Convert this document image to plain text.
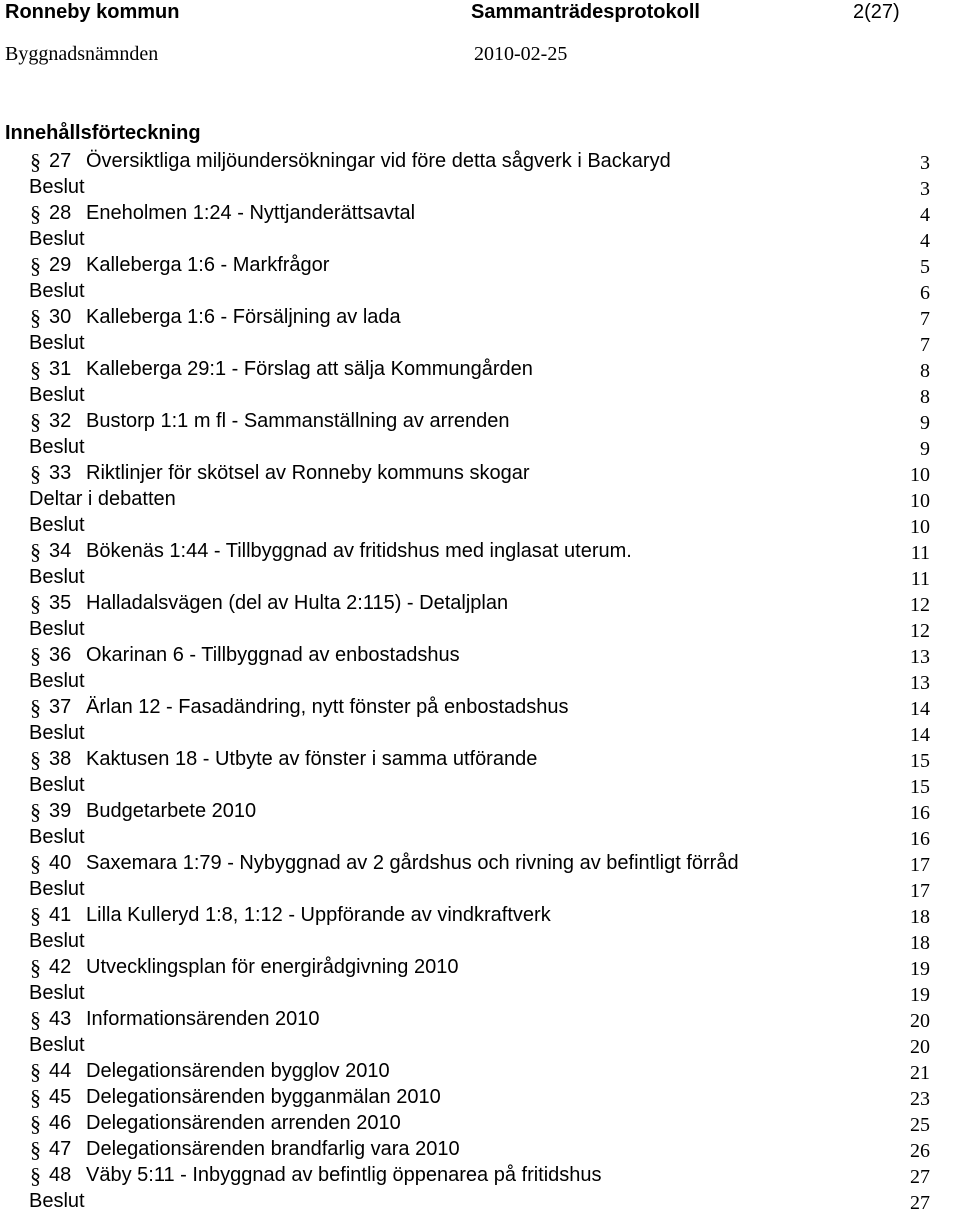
Ronneby kommun	Sammanträdesprotokoll	2(27)
Byggnadsnämnden	2010-02-25
Innehållsförteckning
§ 27 Översiktliga miljöundersökningar vid före detta sågverk i Backaryd	3
Beslut	3
§ 28 Eneholmen 1:24 - Nyttjanderättsavtal	4
Beslut	4
§ 29 Kalleberga 1:6 - Markfrågor	5
Beslut	6
§ 30 Kalleberga 1:6 - Försäljning av lada	7
Beslut	7
§ 31 Kalleberga 29:1 - Förslag att sälja Kommungården	8
Beslut	8
§ 32 Bustorp 1:1 m fl - Sammanställning av arrenden	9
Beslut	9
§ 33 Riktlinjer för skötsel av Ronneby kommuns skogar	10
Deltar i debatten	10
Beslut	10
§ 34 Bökenäs 1:44 - Tillbyggnad av fritidshus med inglasat uterum.	11
Beslut	11
§ 35 Halladalsvägen (del av Hulta 2:115) - Detaljplan	12
Beslut	12
§ 36 Okarinan 6 - Tillbyggnad av enbostadshus	13
Beslut	13
§ 37 Ärlan 12 - Fasadändring, nytt fönster på enbostadshus	14
Beslut	14
§ 38 Kaktusen 18 - Utbyte av fönster i samma utförande	15
Beslut	15
§ 39 Budgetarbete 2010	16
Beslut	16
§ 40 Saxemara 1:79 - Nybyggnad av 2 gårdshus och rivning av befintligt förråd	17
Beslut	17
§ 41 Lilla Kulleryd 1:8, 1:12 - Uppförande av vindkraftverk	18
Beslut	18
§ 42 Utvecklingsplan för energirådgivning 2010	19
Beslut	19
§ 43 Informationsärenden 2010	20
Beslut	20
§ 44 Delegationsärenden bygglov 2010	21
§ 45 Delegationsärenden bygganmälan 2010	23
§ 46 Delegationsärenden arrenden 2010	25
§ 47 Delegationsärenden brandfarlig vara 2010	26
§ 48 Väby 5:11 - Inbyggnad av befintlig öppenarea på fritidshus	27
Beslut	27
